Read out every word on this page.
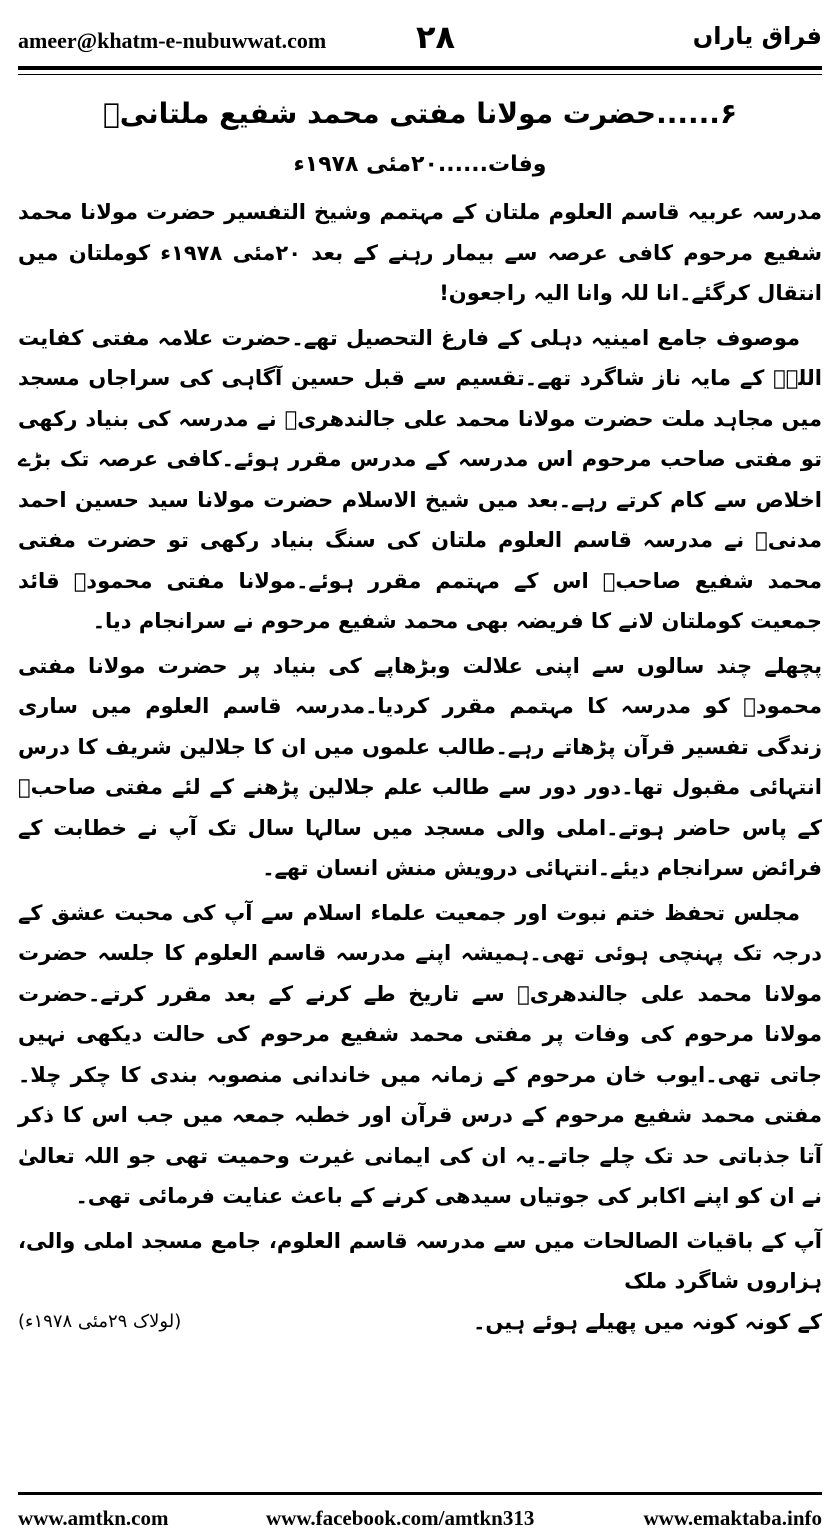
ameer@khatm-e-nubuwwat.com	۲۸	فراق یاراں
۶......حضرت مولانا مفتی محمد شفیع ملتانیؒ
وفات......۲۰مئی ۱۹۷۸ء

مدرسہ عربیہ قاسم العلوم ملتان کے مہتمم وشیخ التفسیر حضرت مولانا محمد شفیع مرحوم کافی عرصہ سے بیمار رہنے کے بعد ۲۰مئی ۱۹۷۸ء کوملتان میں انتقال کرگئے۔انا للہ وانا الیہ راجعون!

موصوف جامع امینیہ دہلی کے فارغ التحصیل تھے۔حضرت علامہ مفتی کفایت اللہؒ کے مایہ ناز شاگرد تھے۔تقسیم سے قبل حسین آگاہی کی سراجاں مسجد میں مجاہد ملت حضرت مولانا محمد علی جالندھریؒ نے مدرسہ کی بنیاد رکھی تو مفتی صاحب مرحوم اس مدرسہ کے مدرس مقرر ہوئے۔کافی عرصہ تک بڑے اخلاص سے کام کرتے رہے۔بعد میں شیخ الاسلام حضرت مولانا سید حسین احمد مدنیؒ نے مدرسہ قاسم العلوم ملتان کی سنگ بنیاد رکھی تو حضرت مفتی محمد شفیع صاحبؒ اس کے مہتمم مقرر ہوئے۔مولانا مفتی محمودؒ قائد جمعیت کوملتان لانے کا فریضہ بھی محمد شفیع مرحوم نے سرانجام دیا۔

پچھلے چند سالوں سے اپنی علالت وبڑھاپے کی بنیاد پر حضرت مولانا مفتی محمودؒ کو مدرسہ کا مہتمم مقرر کردیا۔مدرسہ قاسم العلوم میں ساری زندگی تفسیر قرآن پڑھاتے رہے۔طالب علموں میں ان کا جلالین شریف کا درس انتہائی مقبول تھا۔دور دور سے طالب علم جلالین پڑھنے کے لئے مفتی صاحبؒ کے پاس حاضر ہوتے۔املی والی مسجد میں سالہا سال تک آپ نے خطابت کے فرائض سرانجام دیئے۔انتہائی درویش منش انسان تھے۔

مجلس تحفظ ختم نبوت اور جمعیت علماء اسلام سے آپ کی محبت عشق کے درجہ تک پہنچی ہوئی تھی۔ہمیشہ اپنے مدرسہ قاسم العلوم کا جلسہ حضرت مولانا محمد علی جالندھریؒ سے تاریخ طے کرنے کے بعد مقرر کرتے۔حضرت مولانا مرحوم کی وفات پر مفتی محمد شفیع مرحوم کی حالت دیکھی نہیں جاتی تھی۔ایوب خان مرحوم کے زمانہ میں خاندانی منصوبہ بندی کا چکر چلا۔مفتی محمد شفیع مرحوم کے درس قرآن اور خطبہ جمعہ میں جب اس کا ذکر آتا جذباتی حد تک چلے جاتے۔یہ ان کی ایمانی غیرت وحمیت تھی جو اللہ تعالیٰ نے ان کو اپنے اکابر کی جوتیاں سیدھی کرنے کے باعث عنایت فرمائی تھی۔

آپ کے باقیات الصالحات میں سے مدرسہ قاسم العلوم، جامع مسجد املی والی، ہزاروں شاگرد ملک

کے کونہ کونہ میں پھیلے ہوئے ہیں۔
(لولاک ۲۹مئی ۱۹۷۸ء)
www.amtkn.com	www.facebook.com/amtkn313	www.emaktaba.info
